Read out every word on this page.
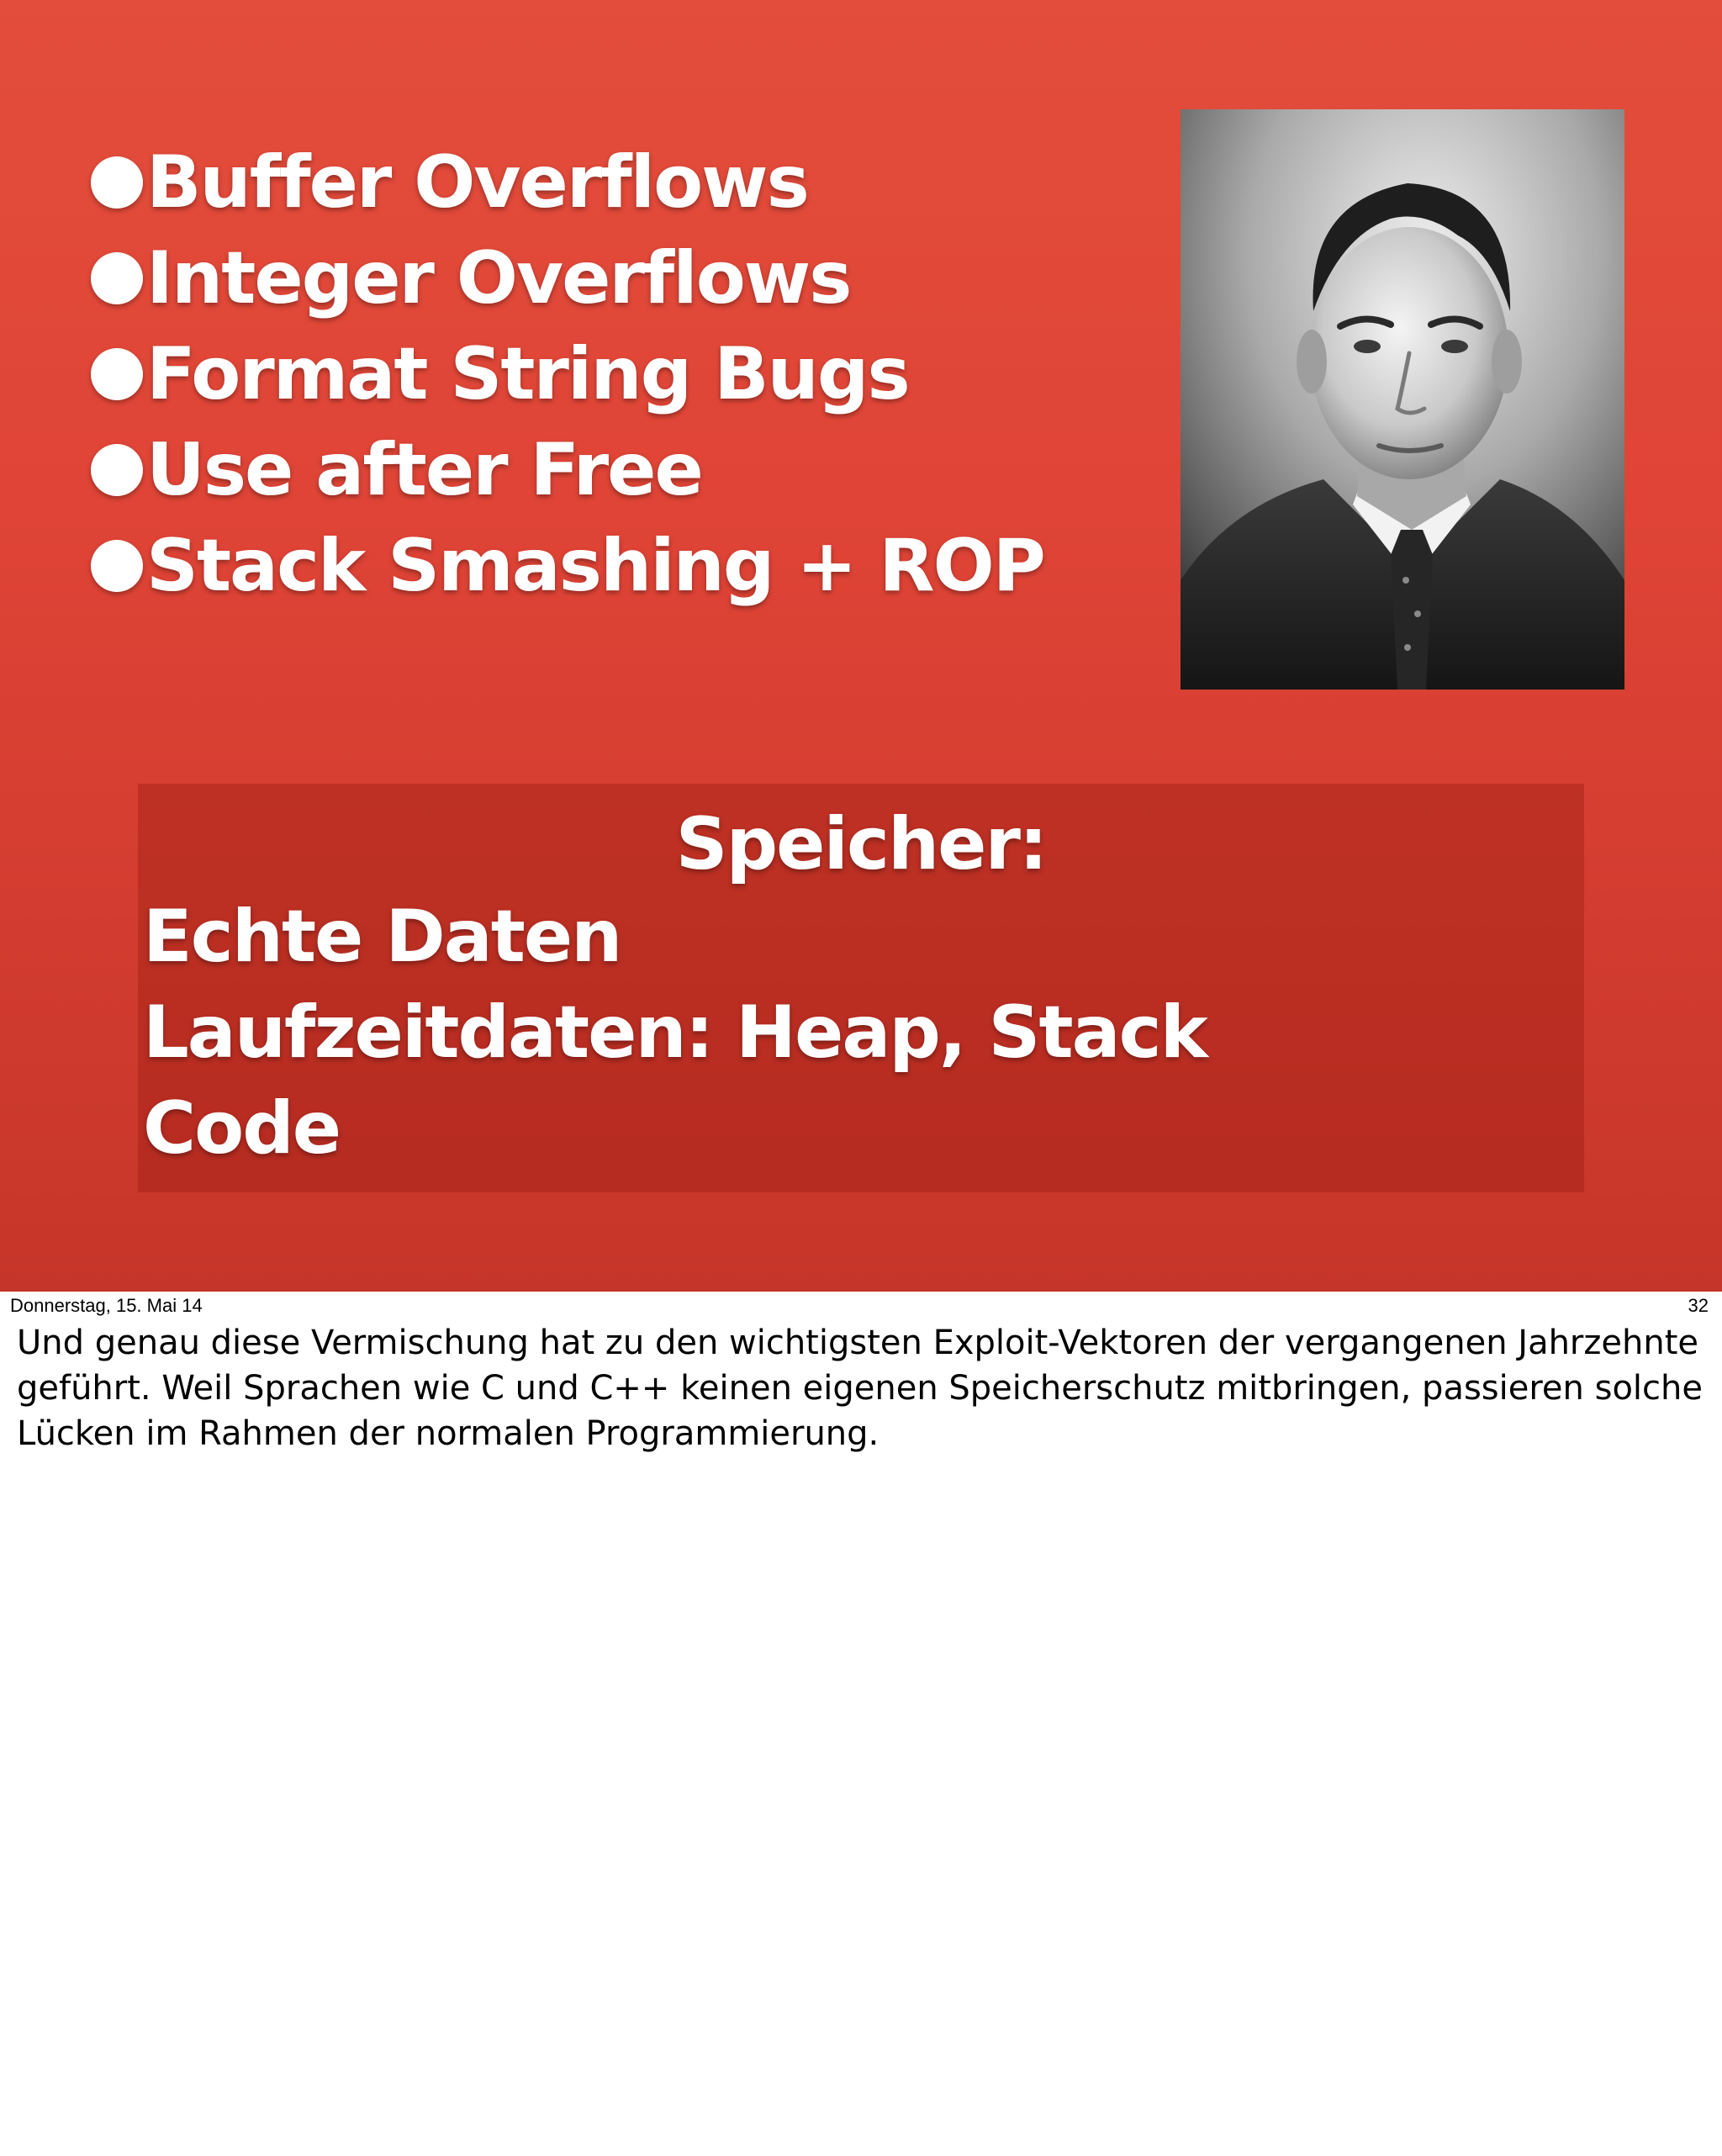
Buffer Overflows
Integer Overflows
Format String Bugs
Use after Free
Stack Smashing + ROP
Speicher:
Echte Daten
Laufzeitdaten: Heap, Stack
Code
Donnerstag, 15. Mai 14	32

Und genau diese Vermischung hat zu den wichtigsten Exploit-Vektoren der vergangenen Jahrzehnte geführt. Weil Sprachen wie C und C++ keinen eigenen Speicherschutz mitbringen, passieren solche Lücken im Rahmen der normalen Programmierung.
